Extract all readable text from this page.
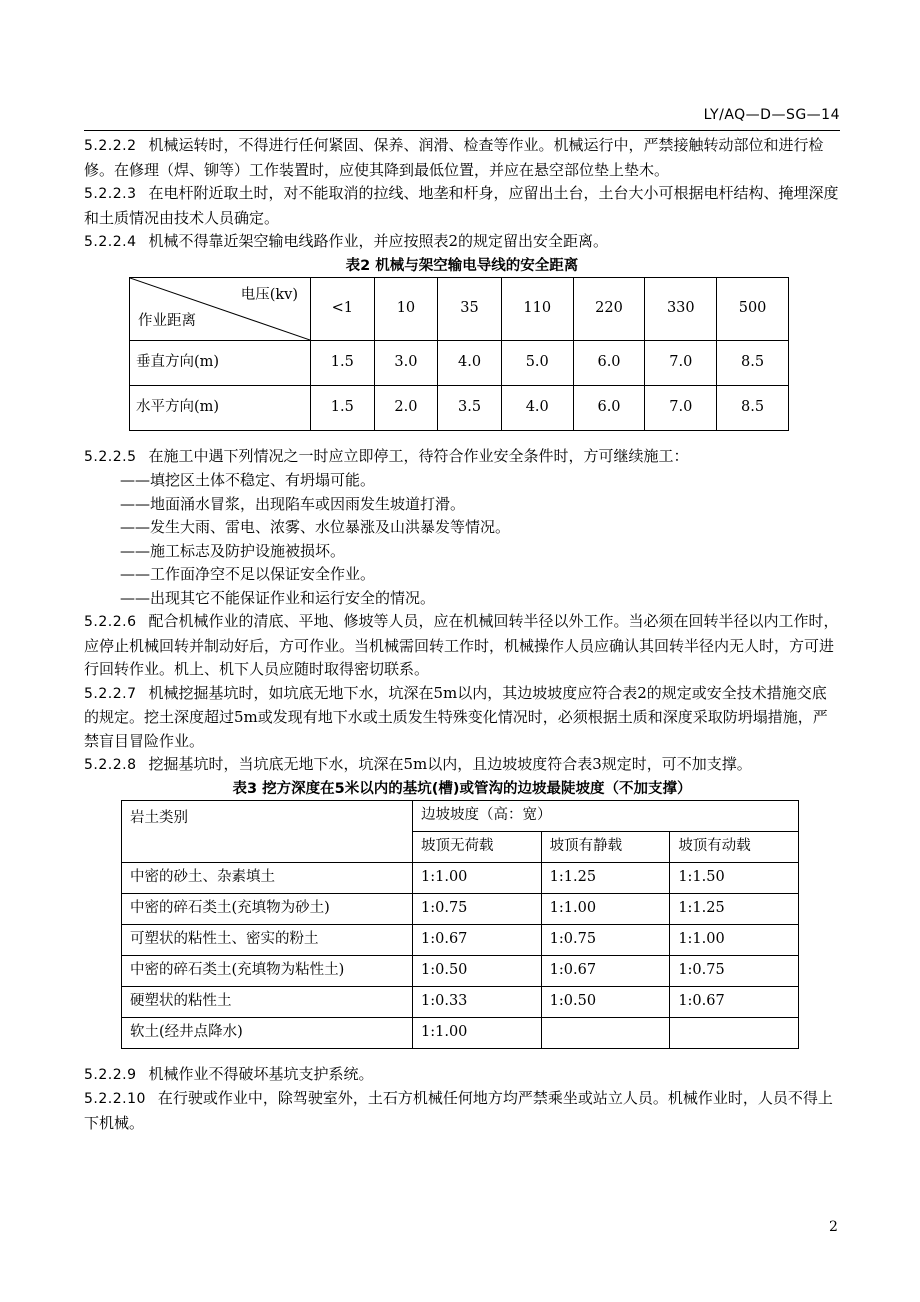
LY/AQ—D—SG—14

5.2.2.2 机械运转时，不得进行任何紧固、保养、润滑、检查等作业。机械运行中，严禁接触转动部位和进行检修。在修理（焊、铆等）工作装置时，应使其降到最低位置，并应在悬空部位垫上垫木。

5.2.2.3 在电杆附近取土时，对不能取消的拉线、地垄和杆身，应留出土台，土台大小可根据电杆结构、掩埋深度和土质情况由技术人员确定。

5.2.2.4 机械不得靠近架空输电线路作业，并应按照表2的规定留出安全距离。

表2 机械与架空输电导线的安全距离
电压(kv)
作业距离	<1	10	35	110	220	330	500
垂直方向(m)	1.5	3.0	4.0	5.0	6.0	7.0	8.5
水平方向(m)	1.5	2.0	3.5	4.0	6.0	7.0	8.5

5.2.2.5 在施工中遇下列情况之一时应立即停工，待符合作业安全条件时，方可继续施工：

——填挖区土体不稳定、有坍塌可能。

——地面涌水冒浆，出现陷车或因雨发生坡道打滑。

——发生大雨、雷电、浓雾、水位暴涨及山洪暴发等情况。

——施工标志及防护设施被损坏。

——工作面净空不足以保证安全作业。

——出现其它不能保证作业和运行安全的情况。

5.2.2.6 配合机械作业的清底、平地、修坡等人员，应在机械回转半径以外工作。当必须在回转半径以内工作时，应停止机械回转并制动好后，方可作业。当机械需回转工作时，机械操作人员应确认其回转半径内无人时，方可进行回转作业。机上、机下人员应随时取得密切联系。

5.2.2.7 机械挖掘基坑时，如坑底无地下水，坑深在5m以内，其边坡坡度应符合表2的规定或安全技术措施交底的规定。挖土深度超过5m或发现有地下水或土质发生特殊变化情况时，必须根据土质和深度采取防坍塌措施，严禁盲目冒险作业。

5.2.2.8 挖掘基坑时，当坑底无地下水，坑深在5m以内，且边坡坡度符合表3规定时，可不加支撑。

表3 挖方深度在5米以内的基坑(槽)或管沟的边坡最陡坡度（不加支撑）
岩土类别	边坡坡度（高：宽）		
	坡顶无荷载	坡顶有静载	坡顶有动载
中密的砂土、杂素填土	1:1.00	1:1.25	1:1.50
中密的碎石类土(充填物为砂土)	1:0.75	1:1.00	1:1.25
可塑状的粘性土、密实的粉土	1:0.67	1:0.75	1:1.00
中密的碎石类土(充填物为粘性土)	1:0.50	1:0.67	1:0.75
硬塑状的粘性土	1:0.33	1:0.50	1:0.67
软土(经井点降水)	1:1.00		

5.2.2.9 机械作业不得破坏基坑支护系统。

5.2.2.10 在行驶或作业中，除驾驶室外，土石方机械任何地方均严禁乘坐或站立人员。机械作业时，人员不得上下机械。

2
